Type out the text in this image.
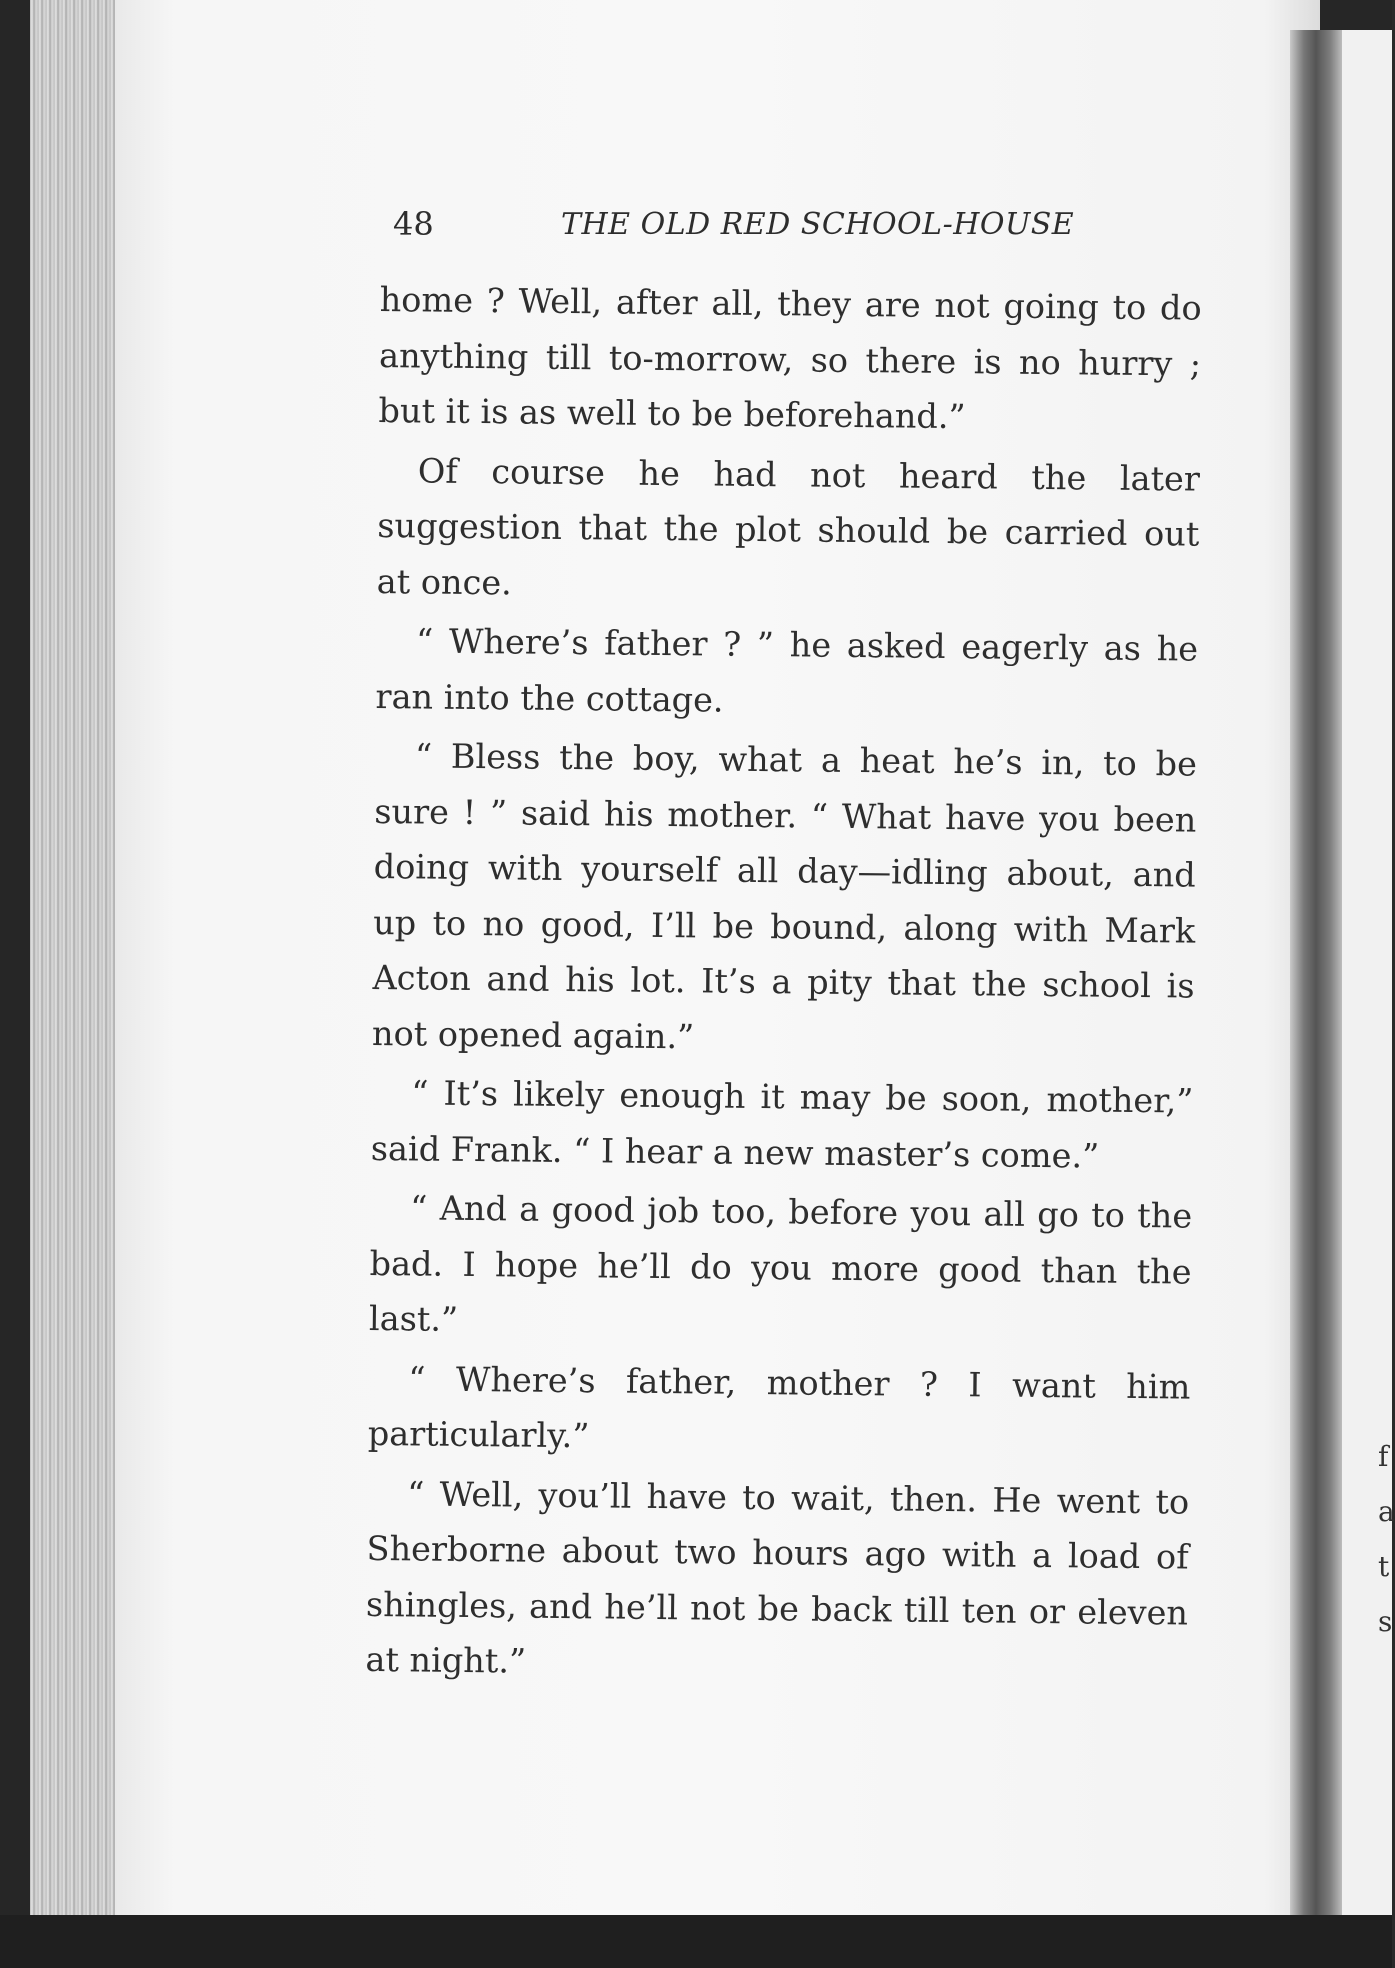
f
a
t
s
48	THE OLD RED SCHOOL-HOUSE

home ? Well, after all, they are not going to do anything till to-morrow, so there is no hurry ; but it is as well to be beforehand.”

Of course he had not heard the later suggestion that the plot should be carried out at once.

“ Where’s father ? ” he asked eagerly as he ran into the cottage.

“ Bless the boy, what a heat he’s in, to be sure ! ” said his mother. “ What have you been doing with yourself all day—idling about, and up to no good, I’ll be bound, along with Mark Acton and his lot. It’s a pity that the school is not opened again.”

“ It’s likely enough it may be soon, mother,” said Frank. “ I hear a new master’s come.”

“ And a good job too, before you all go to the bad. I hope he’ll do you more good than the last.”

“ Where’s father, mother ? I want him particularly.”

“ Well, you’ll have to wait, then. He went to Sherborne about two hours ago with a load of shingles, and he’ll not be back till ten or eleven at night.”
